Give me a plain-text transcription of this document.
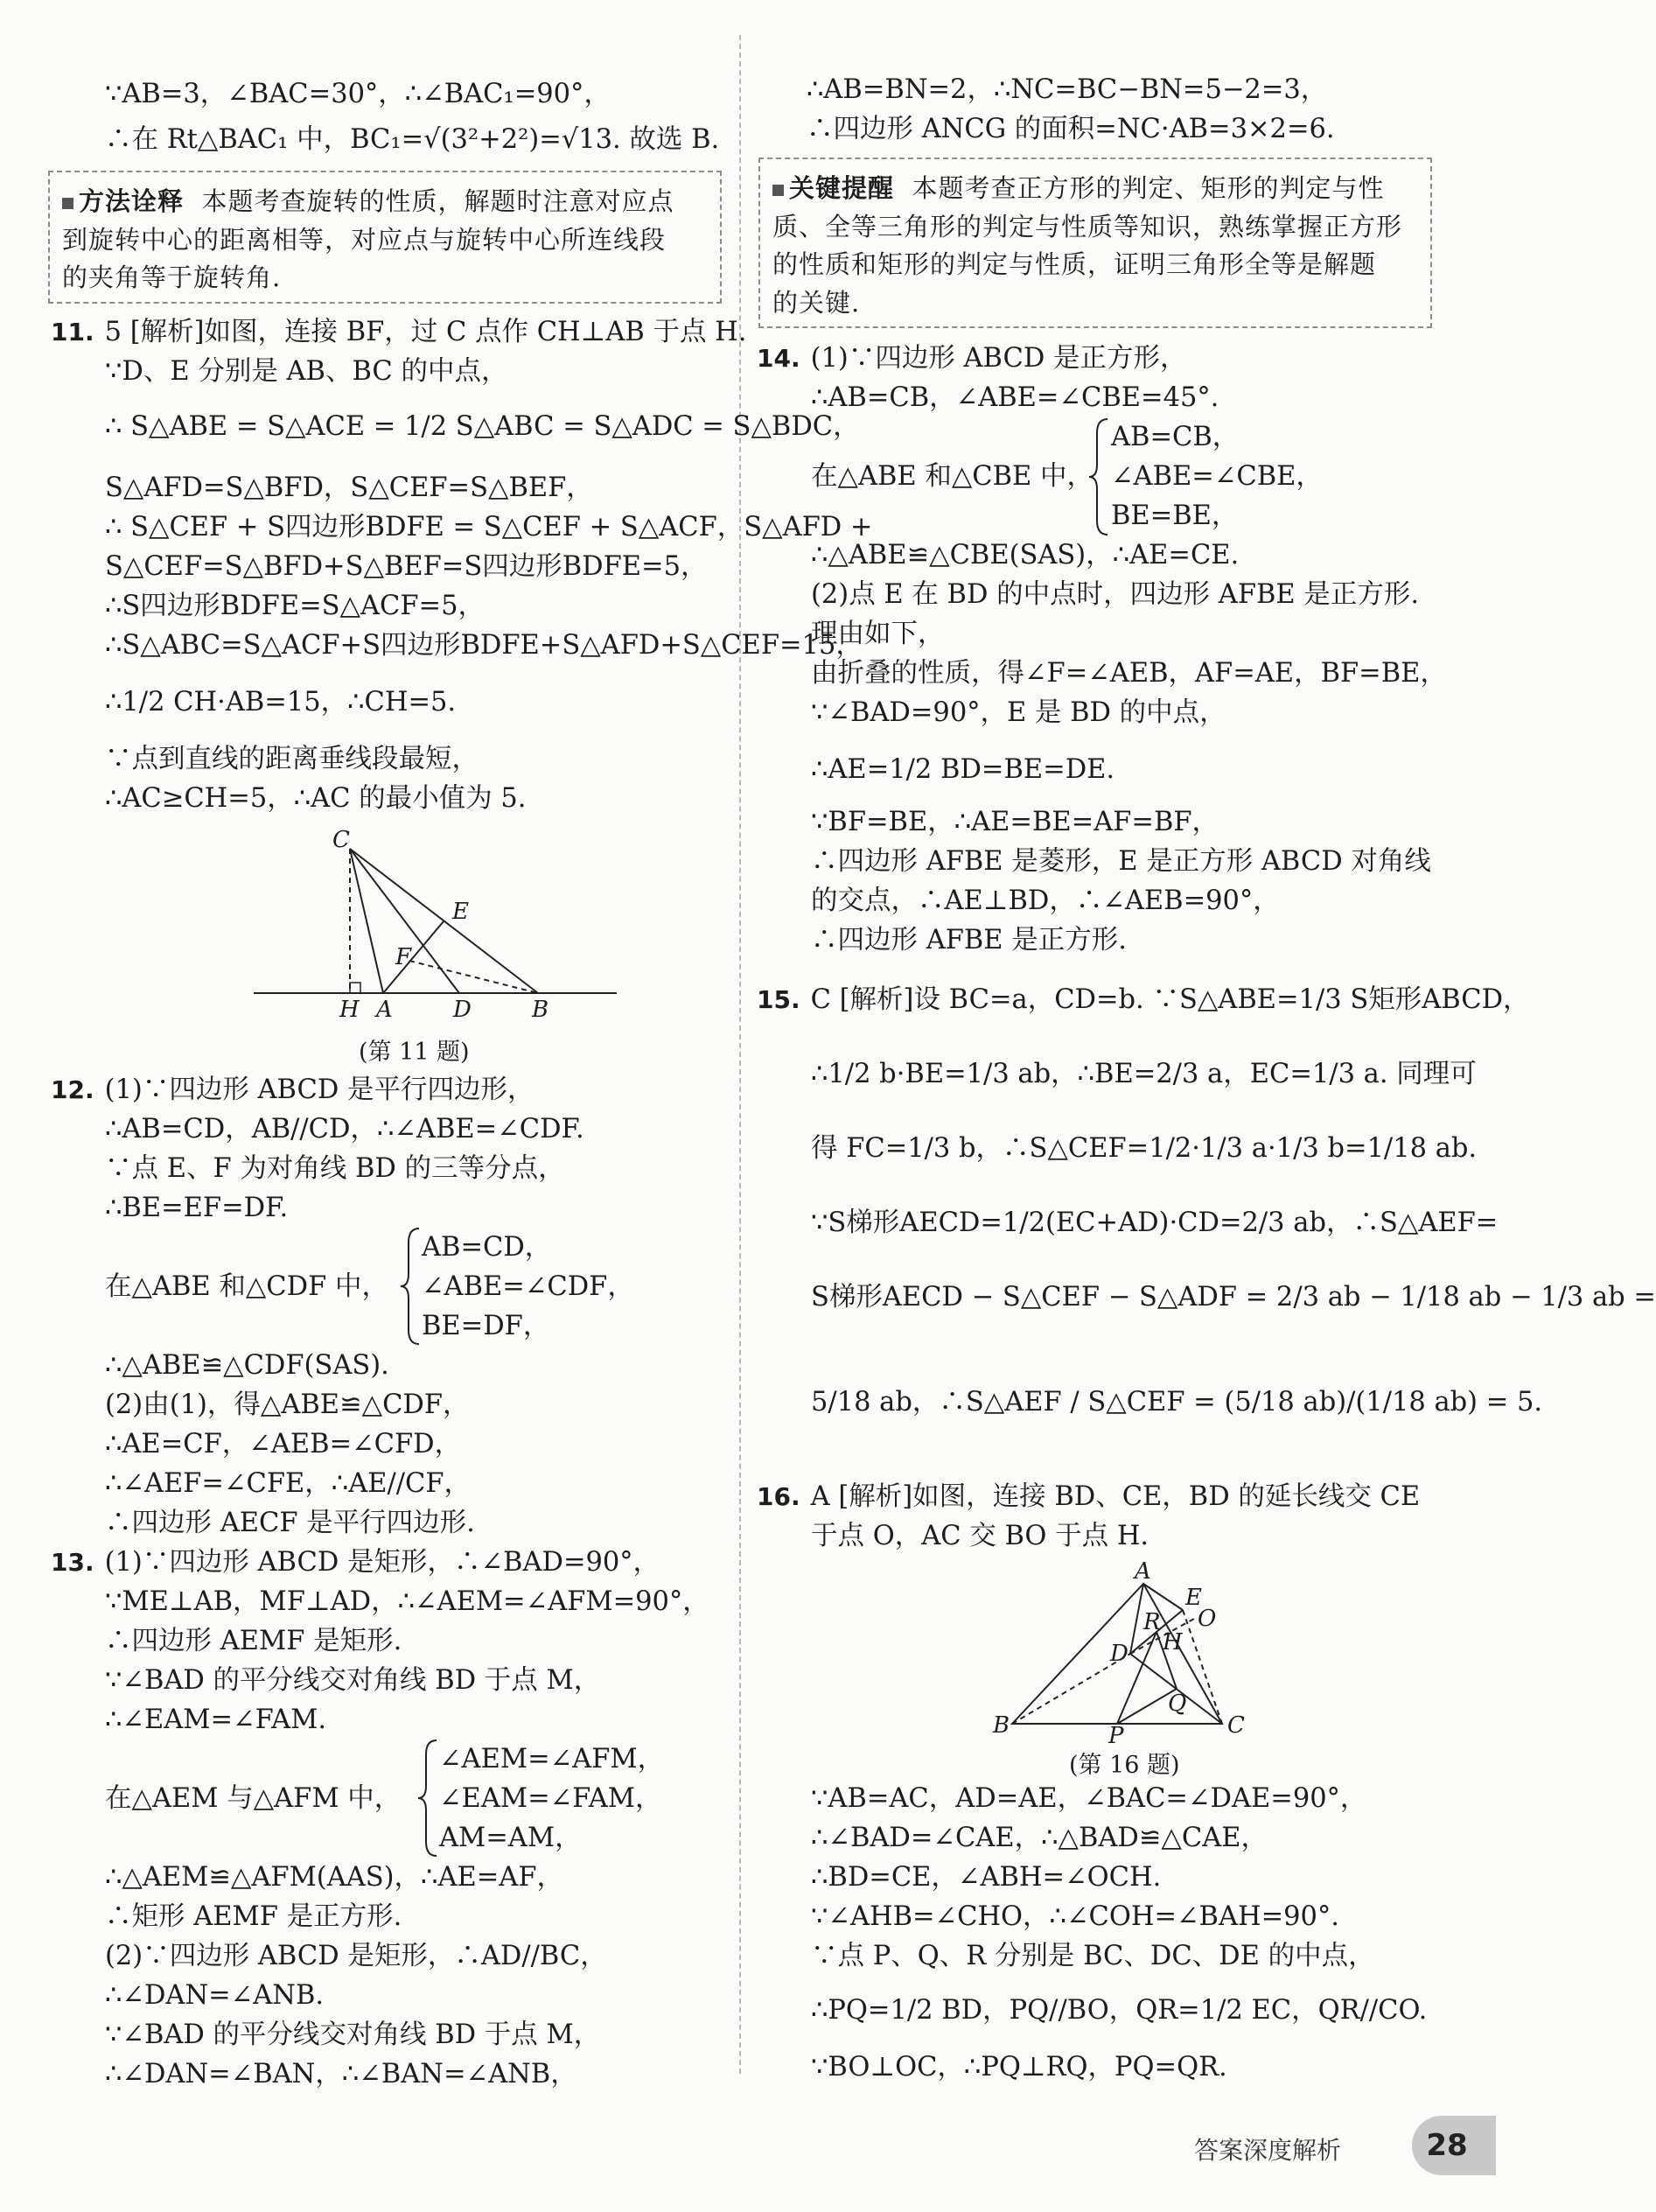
∵AB=3，∠BAC=30°，∴∠BAC₁=90°，
∴在 Rt△BAC₁ 中，BC₁=√(3²+2²)=√13. 故选 B.
方法诠释 本题考查旋转的性质，解题时注意对应点
到旋转中心的距离相等，对应点与旋转中心所连线段
的夹角等于旋转角.
11. 5 [解析]如图，连接 BF，过 C 点作 CH⊥AB 于点 H.
∵D、E 分别是 AB、BC 的中点，
∴ S△ABE = S△ACE = 1/2 S△ABC = S△ADC = S△BDC，
S△AFD=S△BFD，S△CEF=S△BEF，
∴ S△CEF + S四边形BDFE = S△CEF + S△ACF，S△AFD +
S△CEF=S△BFD+S△BEF=S四边形BDFE=5，
∴S四边形BDFE=S△ACF=5，
∴S△ABC=S△ACF+S四边形BDFE+S△AFD+S△CEF=15，
∴1/2 CH·AB=15，∴CH=5.
∵点到直线的距离垂线段最短，
∴AC≥CH=5，∴AC 的最小值为 5.
C
E
F
H A	D	B
(第 11 题)
12. (1)∵四边形 ABCD 是平行四边形，
∴AB=CD，AB//CD，∴∠ABE=∠CDF.
∵点 E、F 为对角线 BD 的三等分点，
∴BE=EF=DF.
在△ABE 和△CDF 中，
AB=CD，
∠ABE=∠CDF，
BE=DF，
∴△ABE≌△CDF(SAS).
(2)由(1)，得△ABE≌△CDF，
∴AE=CF，∠AEB=∠CFD，
∴∠AEF=∠CFE，∴AE//CF，
∴四边形 AECF 是平行四边形.
13. (1)∵四边形 ABCD 是矩形，∴∠BAD=90°，
∵ME⊥AB，MF⊥AD，∴∠AEM=∠AFM=90°，
∴四边形 AEMF 是矩形.
∵∠BAD 的平分线交对角线 BD 于点 M，
∴∠EAM=∠FAM.
在△AEM 与△AFM 中，
∠AEM=∠AFM，
∠EAM=∠FAM，
AM=AM，
∴△AEM≌△AFM(AAS)，∴AE=AF，
∴矩形 AEMF 是正方形.
(2)∵四边形 ABCD 是矩形，∴AD//BC，
∴∠DAN=∠ANB.
∵∠BAD 的平分线交对角线 BD 于点 M，
∴∠DAN=∠BAN，∴∠BAN=∠ANB，
∴AB=BN=2，∴NC=BC−BN=5−2=3，
∴四边形 ANCG 的面积=NC·AB=3×2=6.
关键提醒 本题考查正方形的判定、矩形的判定与性
质、全等三角形的判定与性质等知识，熟练掌握正方形
的性质和矩形的判定与性质，证明三角形全等是解题
的关键.
14. (1)∵四边形 ABCD 是正方形，
∴AB=CB，∠ABE=∠CBE=45°.
AB=CB，
在△ABE 和△CBE 中， ∠ABE=∠CBE，
BE=BE，
∴△ABE≌△CBE(SAS)，∴AE=CE.
(2)点 E 在 BD 的中点时，四边形 AFBE 是正方形.
理由如下，
由折叠的性质，得∠F=∠AEB，AF=AE，BF=BE，
∵∠BAD=90°，E 是 BD 的中点，
∴AE=1/2 BD=BE=DE.
∵BF=BE，∴AE=BE=AF=BF，
∴四边形 AFBE 是菱形，E 是正方形 ABCD 对角线
的交点，∴AE⊥BD，∴∠AEB=90°，
∴四边形 AFBE 是正方形.
15. C [解析]设 BC=a，CD=b. ∵S△ABE=1/3 S矩形ABCD，
∴1/2 b·BE=1/3 ab，∴BE=2/3 a，EC=1/3 a. 同理可
得 FC=1/3 b，∴S△CEF=1/2·1/3 a·1/3 b=1/18 ab.
∵S梯形AECD=1/2(EC+AD)·CD=2/3 ab，∴S△AEF=
S梯形AECD − S△CEF − S△ADF = 2/3 ab − 1/18 ab − 1/3 ab =
5/18 ab，∴S△AEF / S△CEF = (5/18 ab)/(1/18 ab) = 5.
16. A [解析]如图，连接 BD、CE，BD 的延长线交 CE
于点 O，AC 交 BO 于点 H.
A
E
O
R
H
D
B	P
Q
C
(第 16 题)
∵AB=AC，AD=AE，∠BAC=∠DAE=90°，
∴∠BAD=∠CAE，∴△BAD≌△CAE，
∴BD=CE，∠ABH=∠OCH.
∵∠AHB=∠CHO，∴∠COH=∠BAH=90°.
∵点 P、Q、R 分别是 BC、DC、DE 的中点，
∴PQ=1/2 BD，PQ//BO，QR=1/2 EC，QR//CO.
∵BO⊥OC，∴PQ⊥RQ，PQ=QR.
答案深度解析	28
